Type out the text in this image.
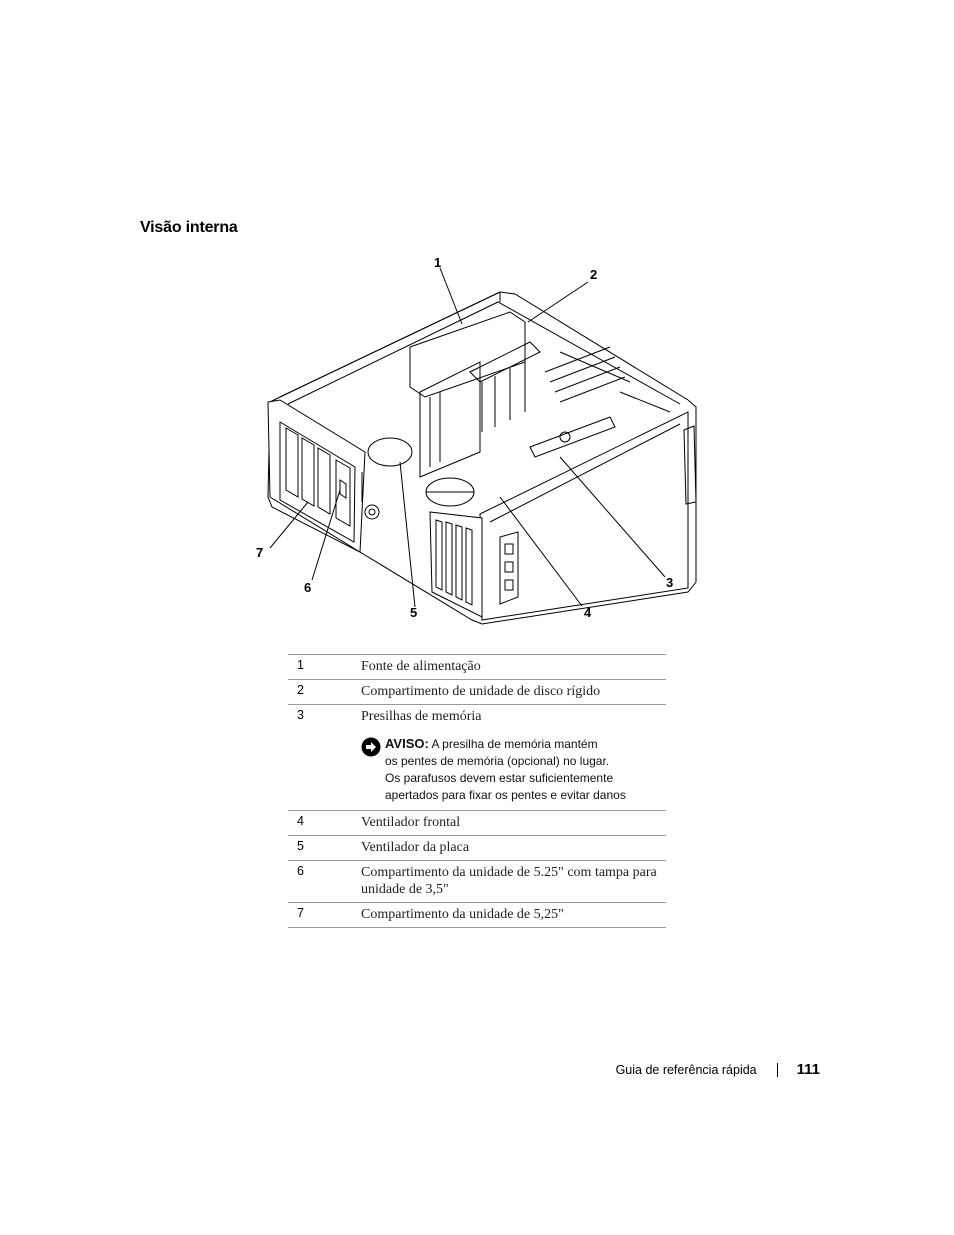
Visão interna
1
2
3
4
5
6
7
1	Fonte de alimentação
2	Compartimento de unidade de disco rígido
3	Presilhas de memória
AVISO: A presilha de memória mantém
os pentes de memória (opcional) no lugar.
Os parafusos devem estar suficientemente
apertados para fixar os pentes e evitar danos

4	Ventilador frontal
5	Ventilador da placa
6	Compartimento da unidade de 5.25" com tampa para unidade de 3,5"
7	Compartimento da unidade de 5,25"
Guia de referência rápida	111
